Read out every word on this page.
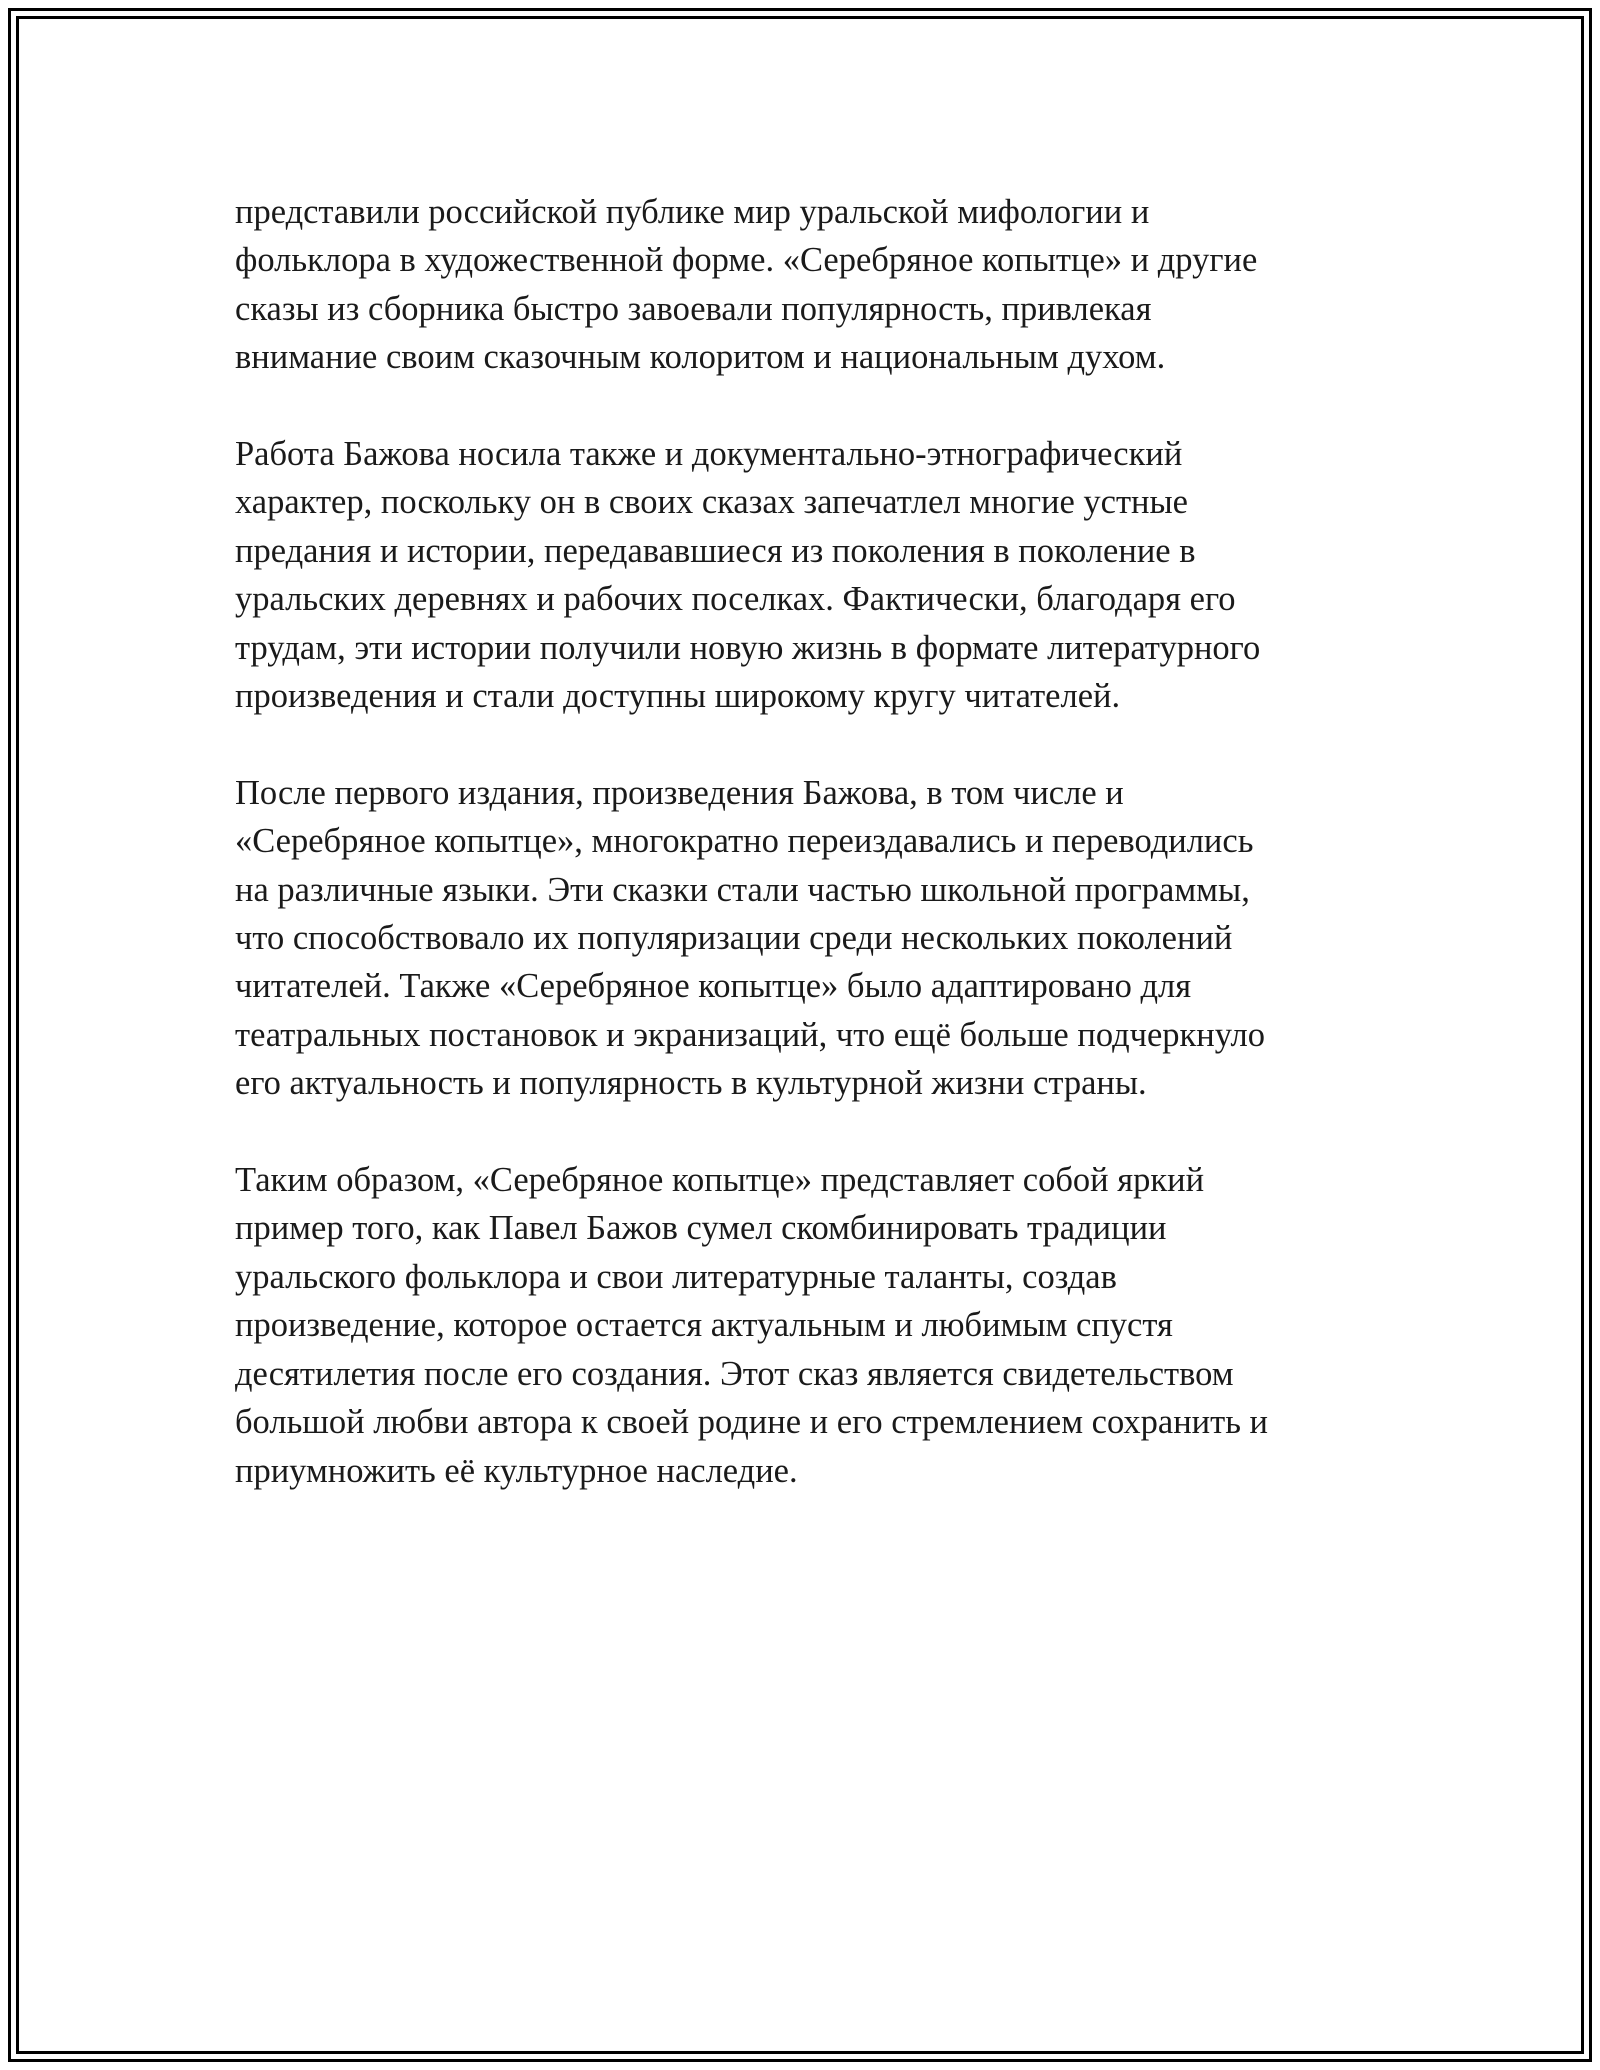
представили российской публике мир уральской мифологии и
фольклора в художественной форме. «Серебряное копытце» и другие
сказы из сборника быстро завоевали популярность, привлекая
внимание своим сказочным колоритом и национальным духом.

Работа Бажова носила также и документально-этнографический
характер, поскольку он в своих сказах запечатлел многие устные
предания и истории, передававшиеся из поколения в поколение в
уральских деревнях и рабочих поселках. Фактически, благодаря его
трудам, эти истории получили новую жизнь в формате литературного
произведения и стали доступны широкому кругу читателей.

После первого издания, произведения Бажова, в том числе и
«Серебряное копытце», многократно переиздавались и переводились
на различные языки. Эти сказки стали частью школьной программы,
что способствовало их популяризации среди нескольких поколений
читателей. Также «Серебряное копытце» было адаптировано для
театральных постановок и экранизаций, что ещё больше подчеркнуло
его актуальность и популярность в культурной жизни страны.

Таким образом, «Серебряное копытце» представляет собой яркий
пример того, как Павел Бажов сумел скомбинировать традиции
уральского фольклора и свои литературные таланты, создав
произведение, которое остается актуальным и любимым спустя
десятилетия после его создания. Этот сказ является свидетельством
большой любви автора к своей родине и его стремлением сохранить и
приумножить её культурное наследие.
